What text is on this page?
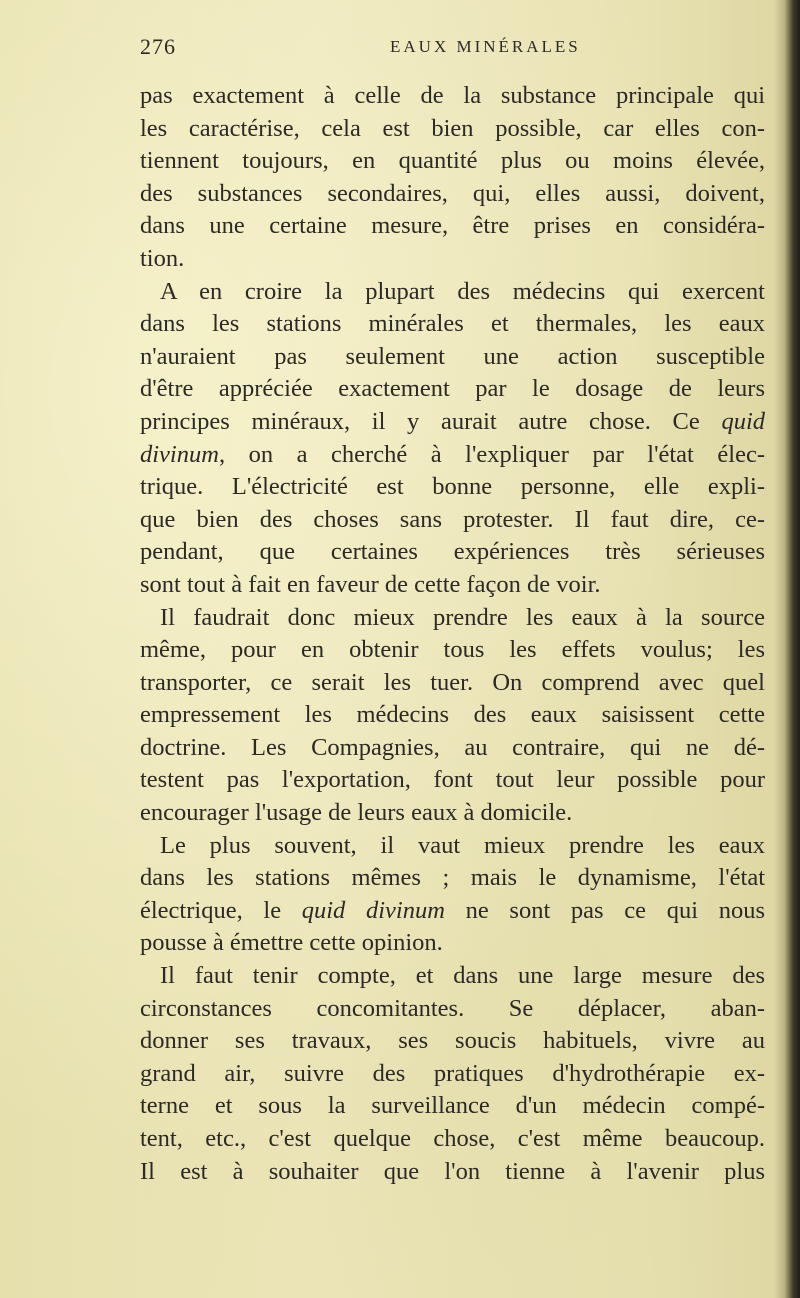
276	EAUX MINÉRALES
pas exactement à celle de la substance principale qui
les caractérise, cela est bien possible, car elles con-
tiennent toujours, en quantité plus ou moins élevée,
des substances secondaires, qui, elles aussi, doivent,
dans une certaine mesure, être prises en considéra-
tion.
A en croire la plupart des médecins qui exercent
dans les stations minérales et thermales, les eaux
n'auraient pas seulement une action susceptible
d'être appréciée exactement par le dosage de leurs
principes minéraux, il y aurait autre chose. Ce quid
divinum, on a cherché à l'expliquer par l'état élec-
trique. L'électricité est bonne personne, elle expli-
que bien des choses sans protester. Il faut dire, ce-
pendant, que certaines expériences très sérieuses
sont tout à fait en faveur de cette façon de voir.
Il faudrait donc mieux prendre les eaux à la source
même, pour en obtenir tous les effets voulus; les
transporter, ce serait les tuer. On comprend avec quel
empressement les médecins des eaux saisissent cette
doctrine. Les Compagnies, au contraire, qui ne dé-
testent pas l'exportation, font tout leur possible pour
encourager l'usage de leurs eaux à domicile.
Le plus souvent, il vaut mieux prendre les eaux
dans les stations mêmes ; mais le dynamisme, l'état
électrique, le quid divinum ne sont pas ce qui nous
pousse à émettre cette opinion.
Il faut tenir compte, et dans une large mesure des
circonstances concomitantes. Se déplacer, aban-
donner ses travaux, ses soucis habituels, vivre au
grand air, suivre des pratiques d'hydrothérapie ex-
terne et sous la surveillance d'un médecin compé-
tent, etc., c'est quelque chose, c'est même beaucoup.
Il est à souhaiter que l'on tienne à l'avenir plus
